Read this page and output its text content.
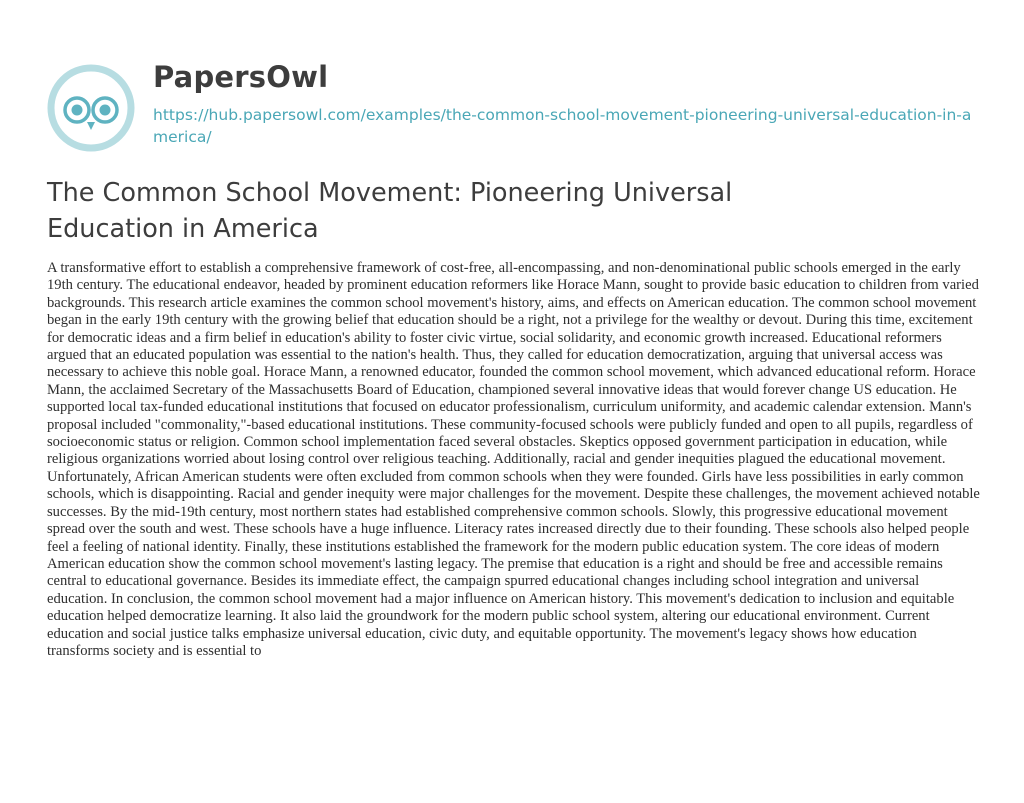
PapersOwl
https://hub.papersowl.com/examples/the-common-school-movement-pioneering-universal-education-in-america/
The Common School Movement: Pioneering Universal Education in America

A transformative effort to establish a comprehensive framework of cost-free, all-encompassing, and non-denominational public schools emerged in the early 19th century. The educational endeavor, headed by prominent education reformers like Horace Mann, sought to provide basic education to children from varied backgrounds. This research article examines the common school movement's history, aims, and effects on American education. The common school movement began in the early 19th century with the growing belief that education should be a right, not a privilege for the wealthy or devout. During this time, excitement for democratic ideas and a firm belief in education's ability to foster civic virtue, social solidarity, and economic growth increased. Educational reformers argued that an educated population was essential to the nation's health. Thus, they called for education democratization, arguing that universal access was necessary to achieve this noble goal. Horace Mann, a renowned educator, founded the common school movement, which advanced educational reform. Horace Mann, the acclaimed Secretary of the Massachusetts Board of Education, championed several innovative ideas that would forever change US education. He supported local tax-funded educational institutions that focused on educator professionalism, curriculum uniformity, and academic calendar extension. Mann's proposal included "commonality,"-based educational institutions. These community-focused schools were publicly funded and open to all pupils, regardless of socioeconomic status or religion. Common school implementation faced several obstacles. Skeptics opposed government participation in education, while religious organizations worried about losing control over religious teaching. Additionally, racial and gender inequities plagued the educational movement. Unfortunately, African American students were often excluded from common schools when they were founded. Girls have less possibilities in early common schools, which is disappointing. Racial and gender inequity were major challenges for the movement. Despite these challenges, the movement achieved notable successes. By the mid-19th century, most northern states had established comprehensive common schools. Slowly, this progressive educational movement spread over the south and west. These schools have a huge influence. Literacy rates increased directly due to their founding. These schools also helped people feel a feeling of national identity. Finally, these institutions established the framework for the modern public education system. The core ideas of modern American education show the common school movement's lasting legacy. The premise that education is a right and should be free and accessible remains central to educational governance. Besides its immediate effect, the campaign spurred educational changes including school integration and universal education. In conclusion, the common school movement had a major influence on American history. This movement's dedication to inclusion and equitable education helped democratize learning. It also laid the groundwork for the modern public school system, altering our educational environment. Current education and social justice talks emphasize universal education, civic duty, and equitable opportunity. The movement's legacy shows how education transforms society and is essential to
